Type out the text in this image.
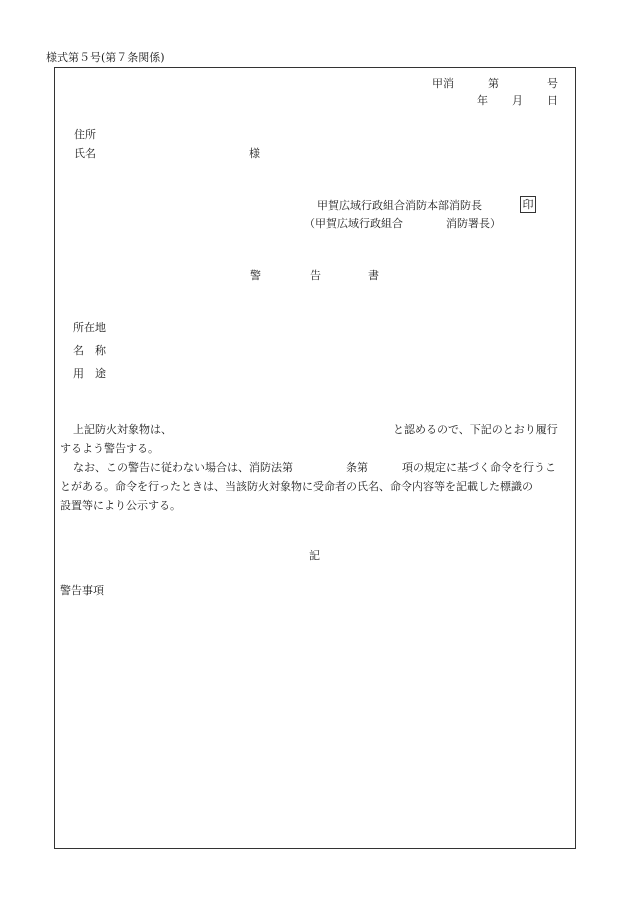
様式第５号(第７条関係)
甲消	第	号
年 月 日
住所
氏名	様
甲賀広域行政組合消防本部消防長	印
（甲賀広域行政組合	消防署長）
警	告	書
所在地
名　称
用　途
上記防火対象物は、	と認めるので、下記のとおり履行
するよう警告する。
なお、この警告に従わない場合は、消防法第	条第	項の規定に基づく命令を行うこ
とがある。命令を行ったときは、当該防火対象物に受命者の氏名、命令内容等を記載した標識の
設置等により公示する。
記
警告事項
